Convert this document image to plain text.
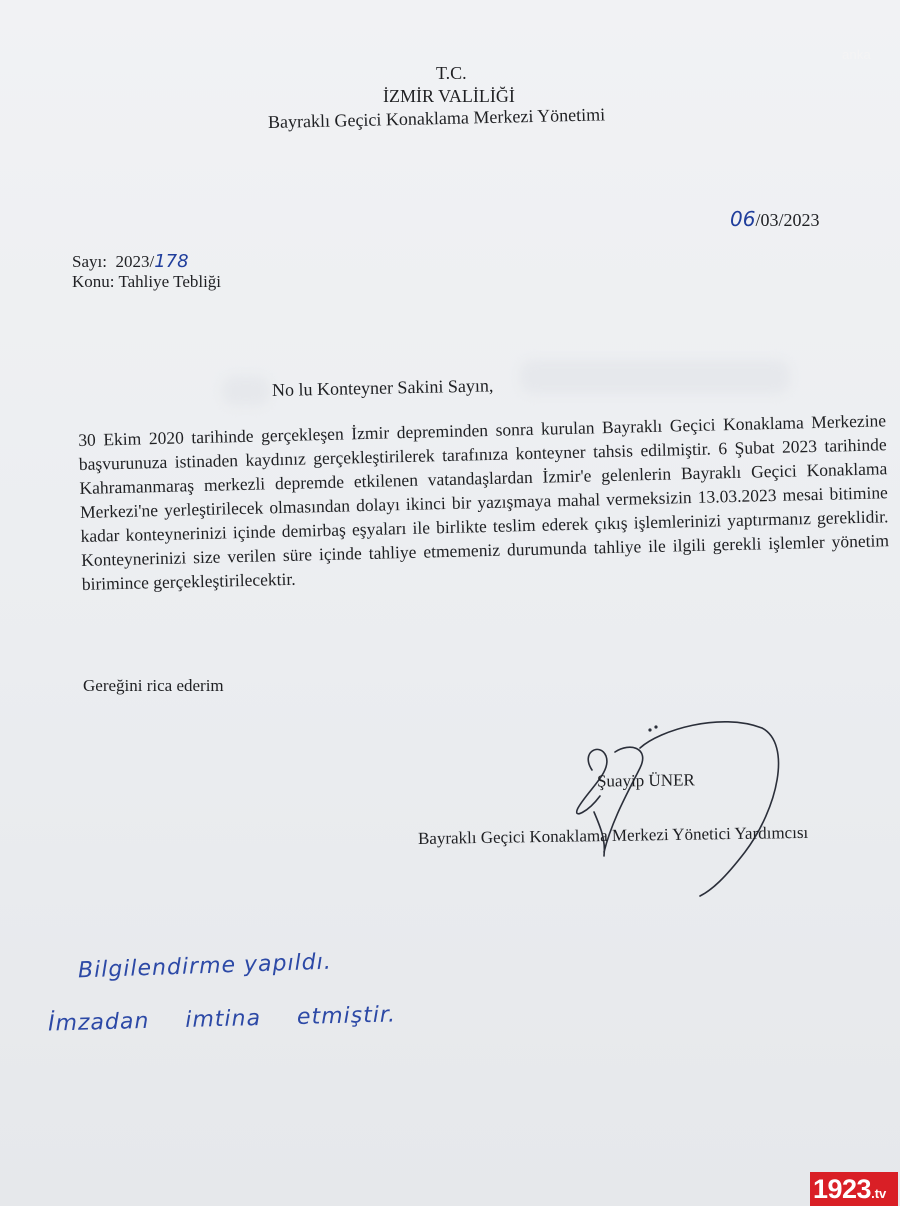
anka
T.C.
İZMİR VALİLİĞİ
Bayraklı Geçici Konaklama Merkezi Yönetimi
06/03/2023
Sayı: 2023/178
Konu: Tahliye Tebliği
No lu Konteyner Sakini Sayın,
30 Ekim 2020 tarihinde gerçekleşen İzmir depreminden sonra kurulan Bayraklı Geçici Konaklama Merkezine başvurunuza istinaden kaydınız gerçekleştirilerek tarafınıza konteyner tahsis edilmiştir. 6 Şubat 2023 tarihinde Kahramanmaraş merkezli depremde etkilenen vatandaşlardan İzmir'e gelenlerin Bayraklı Geçici Konaklama Merkezi'ne yerleştirilecek olmasından dolayı ikinci bir yazışmaya mahal vermeksizin 13.03.2023 mesai bitimine kadar konteynerinizi içinde demirbaş eşyaları ile birlikte teslim ederek çıkış işlemlerinizi yaptırmanız gereklidir. Konteynerinizi size verilen süre içinde tahliye etmemeniz durumunda tahliye ile ilgili gerekli işlemler yönetim birimince gerçekleştirilecektir.
Gereğini rica ederim
Şuayip ÜNER
Bayraklı Geçici Konaklama Merkezi Yönetici Yardımcısı
Bilgilendirme yapıldı.
İmzadan imtina etmiştir.
1923.tv
